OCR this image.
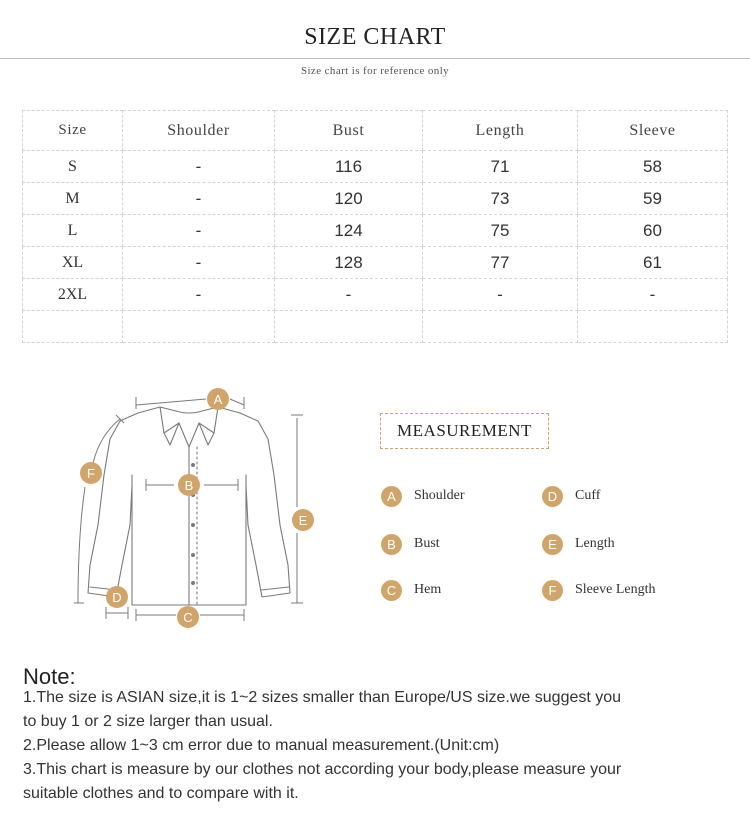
SIZE CHART
Size chart is for reference only
Size	Shoulder	Bust	Length	Sleeve
S	-	116	71	58
M	-	120	73	59
L	-	124	75	60
XL	-	128	77	61
2XL	-	-	-	-

A
B
C
D
E
F
MEASUREMENT
A	Shoulder
B	Bust
C	Hem
D	Cuff
E	Length
F	Sleeve Length
Note:
1.The size is ASIAN size,it is 1~2 sizes smaller than Europe/US size.we suggest you
to buy 1 or 2 size larger than usual.
2.Please allow 1~3 cm error due to manual measurement.(Unit:cm)
3.This chart is measure by our clothes not according your body,please measure your
suitable clothes and to compare with it.
